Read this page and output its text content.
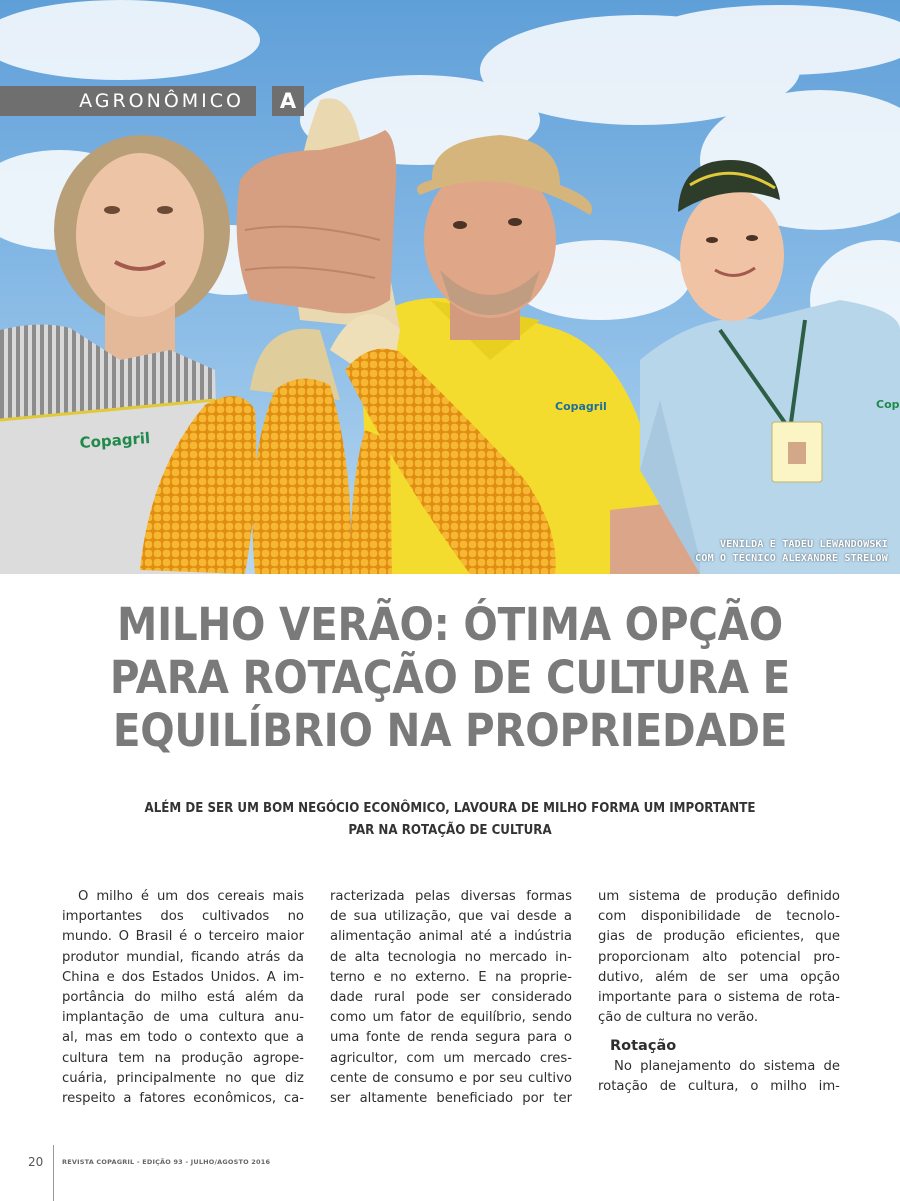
Copagril
Copagril	Cop
AGRONÔMICO	A
VENILDA E TADEU LEWANDOWSKI
COM O TÉCNICO ALEXANDRE STRELOW
MILHO VERÃO: ÓTIMA OPÇÃO
PARA ROTAÇÃO DE CULTURA E
EQUILÍBRIO NA PROPRIEDADE
ALÉM DE SER UM BOM NEGÓCIO ECONÔMICO, LAVOURA DE MILHO FORMA UM IMPORTANTE
PAR NA ROTAÇÃO DE CULTURA
O milho é um dos cereais mais
importantes dos cultivados no
mundo. O Brasil é o terceiro maior
produtor mundial, ficando atrás da
China e dos Estados Unidos. A im-
portância do milho está além da
implantação de uma cultura anu-
al, mas em todo o contexto que a
cultura tem na produção agrope-
cuária, principalmente no que diz
respeito a fatores econômicos, ca-
racterizada pelas diversas formas
de sua utilização, que vai desde a
alimentação animal até a indústria
de alta tecnologia no mercado in-
terno e no externo. E na proprie-
dade rural pode ser considerado
como um fator de equilíbrio, sendo
uma fonte de renda segura para o
agricultor, com um mercado cres-
cente de consumo e por seu cultivo
ser altamente beneficiado por ter
um sistema de produção definido
com disponibilidade de tecnolo-
gias de produção eficientes, que
proporcionam alto potencial pro-
dutivo, além de ser uma opção
importante para o sistema de rota-
ção de cultura no verão.
Rotação
No planejamento do sistema de
rotação de cultura, o milho im-
20	REVISTA COPAGRIL - EDIÇÃO 93 - JULHO/AGOSTO 2016
